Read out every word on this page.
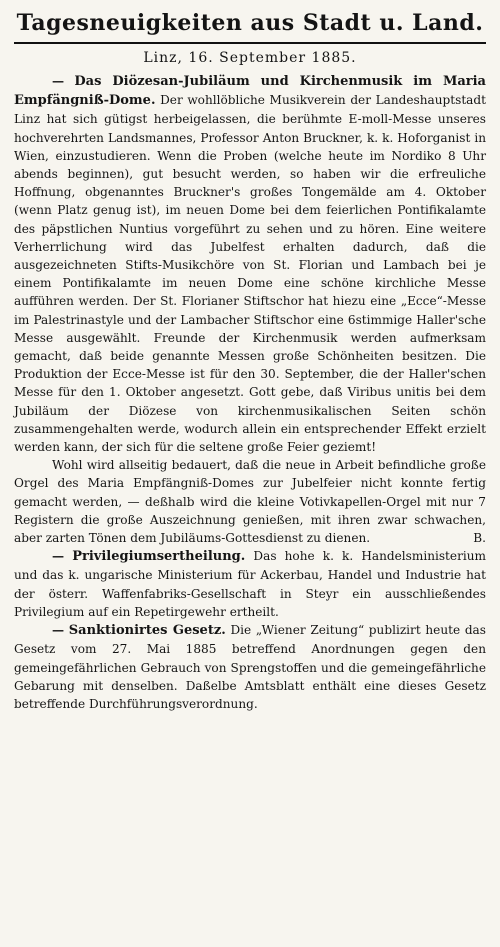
Tagesneuigkeiten aus Stadt u. Land.
Linz, 16. September 1885.

— Das Diözesan-Jubiläum und Kirchenmusik im Maria Empfängniß-Dome. Der wohllöbliche Musikverein der Landeshauptstadt Linz hat sich gütigst herbeigelassen, die berühmte E-moll-Messe unseres hochverehrten Landsmannes, Professor Anton Bruckner, k. k. Hoforganist in Wien, einzustudieren. Wenn die Proben (welche heute im Nordiko 8 Uhr abends beginnen), gut besucht werden, so haben wir die erfreuliche Hoffnung, obgenanntes Bruckner's großes Tongemälde am 4. Oktober (wenn Platz genug ist), im neuen Dome bei dem feierlichen Pontifikalamte des päpstlichen Nuntius vorgeführt zu sehen und zu hören. Eine weitere Verherrlichung wird das Jubelfest erhalten dadurch, daß die ausgezeichneten Stifts-Musikchöre von St. Florian und Lambach bei je einem Pontifikalamte im neuen Dome eine schöne kirchliche Messe aufführen werden. Der St. Florianer Stiftschor hat hiezu eine „Ecce“-Messe im Palestrinastyle und der Lambacher Stiftschor eine 6stimmige Haller'sche Messe ausgewählt. Freunde der Kirchenmusik werden aufmerksam gemacht, daß beide genannte Messen große Schönheiten besitzen. Die Produktion der Ecce-Messe ist für den 30. September, die der Haller'schen Messe für den 1. Oktober angesetzt. Gott gebe, daß Viribus unitis bei dem Jubiläum der Diözese von kirchenmusikalischen Seiten schön zusammengehalten werde, wodurch allein ein entsprechender Effekt erzielt werden kann, der sich für die seltene große Feier geziemt!

Wohl wird allseitig bedauert, daß die neue in Arbeit befindliche große Orgel des Maria Empfängniß-Domes zur Jubelfeier nicht konnte fertig gemacht werden, — deßhalb wird die kleine Votivkapellen-Orgel mit nur 7 Registern die große Auszeichnung genießen, mit ihren zwar schwachen, aber zarten Tönen dem Jubiläums-Gottesdienst zu dienen.	B.

— Privilegiumsertheilung. Das hohe k. k. Handelsministerium und das k. ungarische Ministerium für Ackerbau, Handel und Industrie hat der österr. Waffenfabriks-Gesellschaft in Steyr ein ausschließendes Privilegium auf ein Repetirgewehr ertheilt.

— Sanktionirtes Gesetz. Die „Wiener Zeitung“ publizirt heute das Gesetz vom 27. Mai 1885 betreffend Anordnungen gegen den gemeingefährlichen Gebrauch von Sprengstoffen und die gemeingefährliche Gebarung mit denselben. Daßelbe Amtsblatt enthält eine dieses Gesetz betreffende Durchführungsverordnung.
